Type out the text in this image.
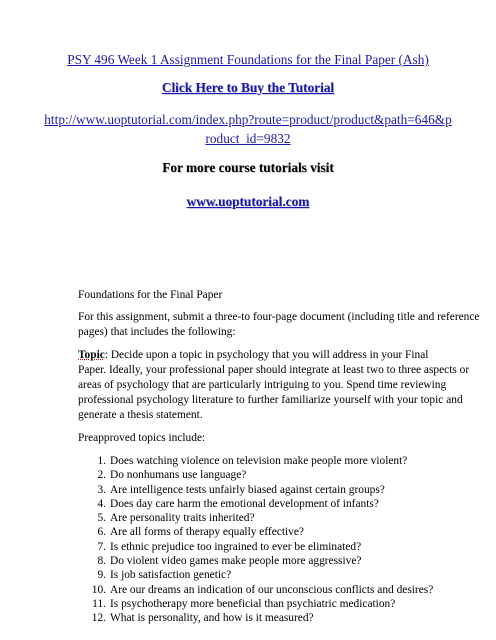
PSY 496 Week 1 Assignment Foundations for the Final Paper (Ash)
Click Here to Buy the Tutorial
http://www.uoptutorial.com/index.php?route=product/product&path=646&p
roduct_id=9832
For more course tutorials visit
www.uoptutorial.com
Foundations for the Final Paper
For this assignment, submit a three-to four-page document (including title and reference
pages) that includes the following:
Topic: Decide upon a topic in psychology that you will address in your Final
Paper. Ideally, your professional paper should integrate at least two to three aspects or
areas of psychology that are particularly intriguing to you. Spend time reviewing
professional psychology literature to further familiarize yourself with your topic and
generate a thesis statement.
Preapproved topics include:
1. Does watching violence on television make people more violent?
2. Do nonhumans use language?
3. Are intelligence tests unfairly biased against certain groups?
4. Does day care harm the emotional development of infants?
5. Are personality traits inherited?
6. Are all forms of therapy equally effective?
7. Is ethnic prejudice too ingrained to ever be eliminated?
8. Do violent video games make people more aggressive?
9. Is job satisfaction genetic?
10. Are our dreams an indication of our unconscious conflicts and desires?
11. Is psychotherapy more beneficial than psychiatric medication?
12. What is personality, and how is it measured?
